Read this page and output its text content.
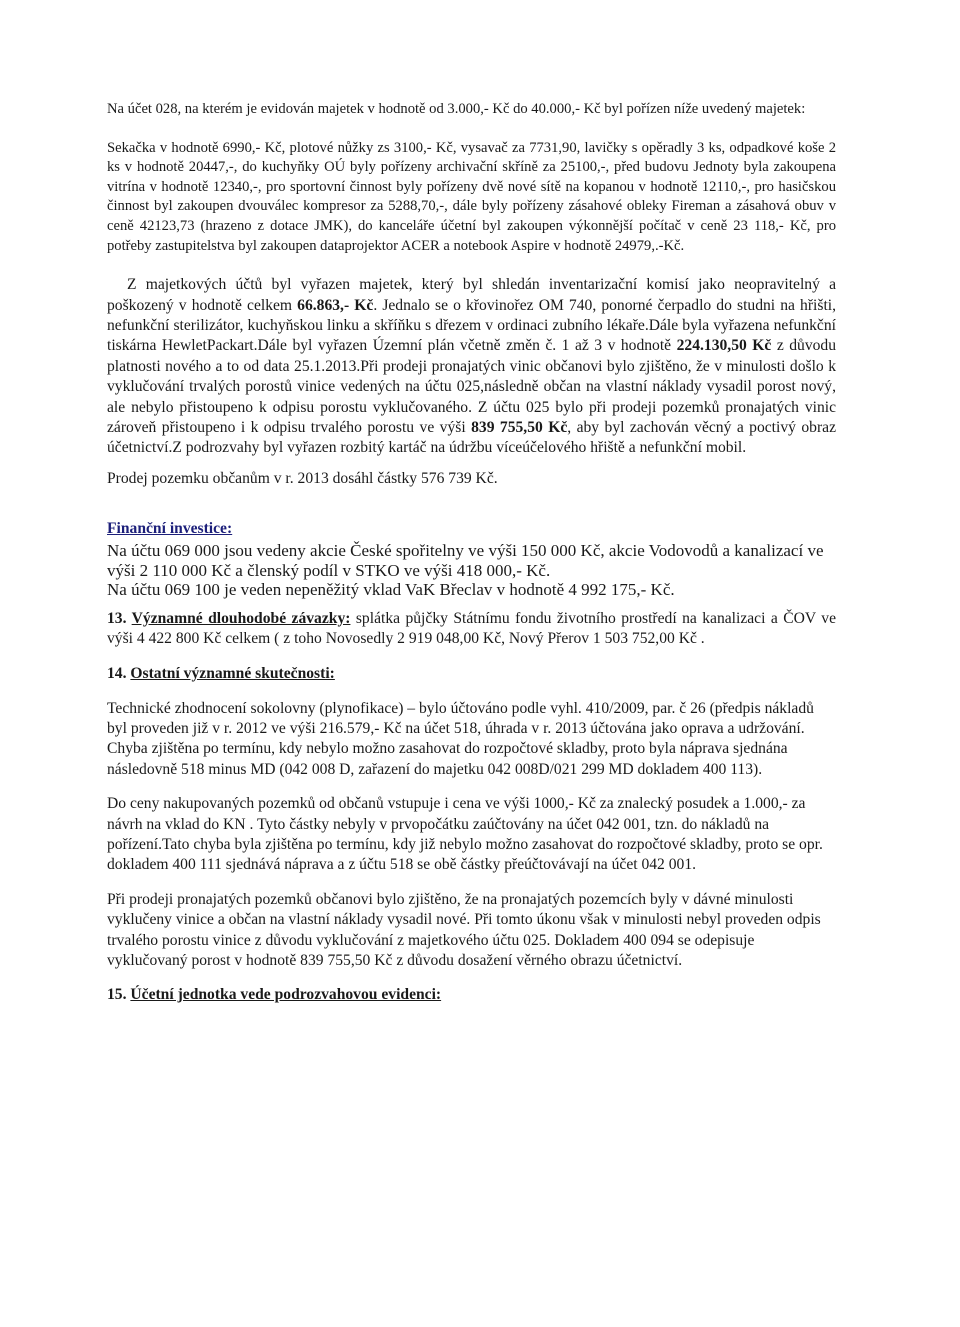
Na účet 028, na kterém je evidován majetek v hodnotě od 3.000,- Kč do 40.000,- Kč byl pořízen níže uvedený majetek:

Sekačka v hodnotě 6990,- Kč, plotové nůžky zs 3100,- Kč, vysavač za 7731,90, lavičky s opěradly 3 ks, odpadkové koše 2 ks v hodnotě 20447,-, do kuchyňky OÚ byly pořízeny archivační skříně za 25100,-, před budovu Jednoty byla zakoupena vitrína v hodnotě 12340,-, pro sportovní činnost byly pořízeny dvě nové sítě na kopanou v hodnotě 12110,-, pro hasičskou činnost byl zakoupen dvouválec kompresor za 5288,70,-, dále byly pořízeny zásahové obleky Fireman a zásahová obuv v ceně 42123,73 (hrazeno z dotace JMK), do kanceláře účetní byl zakoupen výkonnější počítač v ceně 23 118,- Kč, pro potřeby zastupitelstva byl zakoupen dataprojektor ACER a notebook Aspire v hodnotě 24979,.-Kč.

Z majetkových účtů byl vyřazen majetek, který byl shledán inventarizační komisí jako neopravitelný a poškozený v hodnotě celkem 66.863,- Kč. Jednalo se o křovinořez OM 740, ponorné čerpadlo do studni na hřišti, nefunkční sterilizátor, kuchyňskou linku a skříňku s dřezem v ordinaci zubního lékaře.Dále byla vyřazena nefunkční tiskárna HewletPackart.Dále byl vyřazen Územní plán včetně změn č. 1 až 3 v hodnotě 224.130,50 Kč z důvodu platnosti nového a to od data 25.1.2013.Při prodeji pronajatých vinic občanovi bylo zjištěno, že v minulosti došlo k vyklučování trvalých porostů vinice vedených na účtu 025,následně občan na vlastní náklady vysadil porost nový, ale nebylo přistoupeno k odpisu porostu vyklučovaného. Z účtu 025 bylo při prodeji pozemků pronajatých vinic zároveň přistoupeno i k odpisu trvalého porostu ve výši 839 755,50 Kč, aby byl zachován věcný a poctivý obraz účetnictví.Z podrozvahy byl vyřazen rozbitý kartáč na údržbu víceúčelového hřiště a nefunkční mobil.

Prodej pozemku občanům v r. 2013 dosáhl částky 576 739 Kč.

Finanční investice:

Na účtu 069 000 jsou vedeny akcie České spořitelny ve výši 150 000 Kč, akcie Vodovodů a kanalizací ve výši 2 110 000 Kč a členský podíl v STKO ve výši 418 000,- Kč.

Na účtu 069 100 je veden nepeněžitý vklad VaK Břeclav v hodnotě 4 992 175,- Kč.

13. Významné dlouhodobé závazky: splátka půjčky Státnímu fondu životního prostředí na kanalizaci a ČOV ve výši 4 422 800 Kč celkem ( z toho Novosedly 2 919 048,00 Kč, Nový Přerov 1 503 752,00 Kč .

14. Ostatní významné skutečnosti:

Technické zhodnocení sokolovny (plynofikace) – bylo účtováno podle vyhl. 410/2009, par. č 26 (předpis nákladů byl proveden již v r. 2012 ve výši 216.579,- Kč na účet 518, úhrada v r. 2013 účtována jako oprava a udržování. Chyba zjištěna po termínu, kdy nebylo možno zasahovat do rozpočtové skladby, proto byla náprava sjednána následovně 518 minus MD (042 008 D, zařazení do majetku 042 008D/021 299 MD dokladem 400 113).

Do ceny nakupovaných pozemků od občanů vstupuje i cena ve výši 1000,- Kč za znalecký posudek a 1.000,- za návrh na vklad do KN . Tyto částky nebyly v prvopočátku zaúčtovány na účet 042 001, tzn. do nákladů na pořízení.Tato chyba byla zjištěna po termínu, kdy již nebylo možno zasahovat do rozpočtové skladby, proto se opr. dokladem 400 111 sjednává náprava a z účtu 518 se obě částky přeúčtovávají na účet 042 001.

Při prodeji pronajatých pozemků občanovi bylo zjištěno, že na pronajatých pozemcích byly v dávné minulosti vyklučeny vinice a občan na vlastní náklady vysadil nové. Při tomto úkonu však v minulosti nebyl proveden odpis trvalého porostu vinice z důvodu vyklučování z majetkového účtu 025. Dokladem 400 094 se odepisuje vyklučovaný porost v hodnotě 839 755,50 Kč z důvodu dosažení věrného obrazu účetnictví.

15. Účetní jednotka vede podrozvahovou evidenci:
